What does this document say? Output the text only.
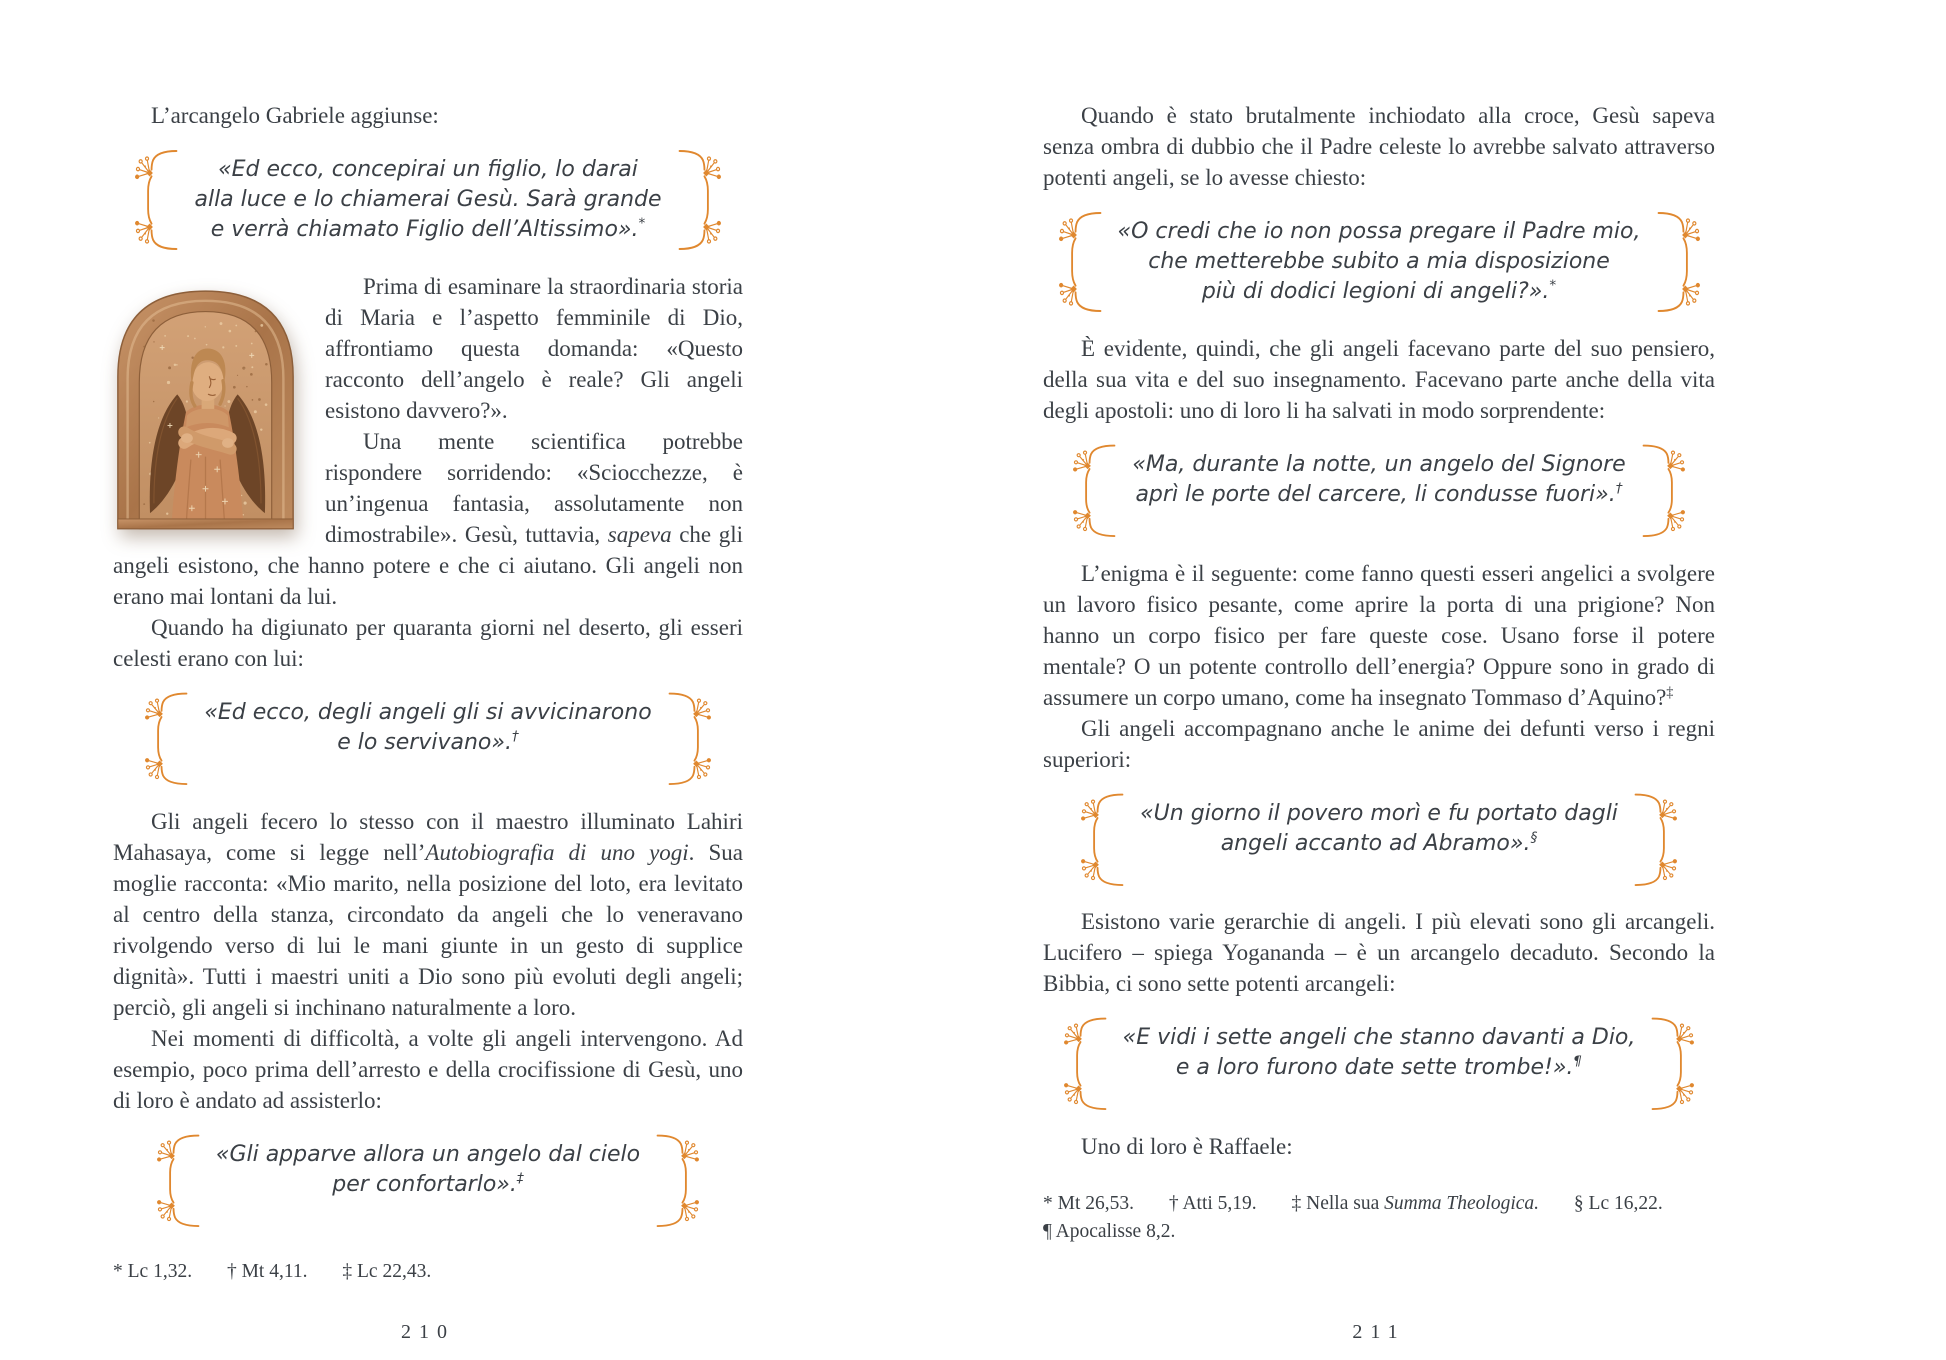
L’arcangelo Gabriele aggiunse:

«Ed ecco, concepirai un figlio, lo darai
alla luce e lo chiamerai Gesù. Sarà grande
e verrà chiamato Figlio dell’Altissimo».*

Prima di esaminare la straordinaria storia di Maria e l’aspetto femminile di Dio, affrontiamo questa domanda: «Questo racconto dell’angelo è reale? Gli angeli esistono davvero?».

Una mente scientifica potrebbe rispondere sorridendo: «Sciocchezze, è un’ingenua fantasia, assolutamente non dimostrabile». Gesù, tuttavia, sapeva che gli angeli esistono, che hanno potere e che ci aiutano. Gli angeli non erano mai lontani da lui.

Quando ha digiunato per quaranta giorni nel deserto, gli esseri celesti erano con lui:

«Ed ecco, degli angeli gli si avvicinarono
e lo servivano».†

Gli angeli fecero lo stesso con il maestro illuminato Lahiri Mahasaya, come si legge nell’Autobiografia di uno yogi. Sua moglie racconta: «Mio marito, nella posizione del loto, era levitato al centro della stanza, circondato da angeli che lo veneravano rivolgendo verso di lui le mani giunte in un gesto di supplice dignità». Tutti i maestri uniti a Dio sono più evoluti degli angeli; perciò, gli angeli si inchinano naturalmente a loro.

Nei momenti di difficoltà, a volte gli angeli intervengono. Ad esempio, poco prima dell’arresto e della crocifissione di Gesù, uno di loro è andato ad assisterlo:

«Gli apparve allora un angelo dal cielo
per confortarlo».‡
* Lc 1,32. † Mt 4,11. ‡ Lc 22,43.
210

Quando è stato brutalmente inchiodato alla croce, Gesù sapeva senza ombra di dubbio che il Padre celeste lo avrebbe salvato attraverso potenti angeli, se lo avesse chiesto:

«O credi che io non possa pregare il Padre mio,
che metterebbe subito a mia disposizione
più di dodici legioni di angeli?».*

È evidente, quindi, che gli angeli facevano parte del suo pensiero, della sua vita e del suo insegnamento. Facevano parte anche della vita degli apostoli: uno di loro li ha salvati in modo sorprendente:

«Ma, durante la notte, un angelo del Signore
aprì le porte del carcere, li condusse fuori».†

L’enigma è il seguente: come fanno questi esseri angelici a svolgere un lavoro fisico pesante, come aprire la porta di una prigione? Non hanno un corpo fisico per fare queste cose. Usano forse il potere mentale? O un potente controllo dell’energia? Oppure sono in grado di assumere un corpo umano, come ha insegnato Tommaso d’Aquino?‡

Gli angeli accompagnano anche le anime dei defunti verso i regni superiori:

«Un giorno il povero morì e fu portato dagli
angeli accanto ad Abramo».§

Esistono varie gerarchie di angeli. I più elevati sono gli arcangeli. Lucifero – spiega Yogananda – è un arcangelo decaduto. Secondo la Bibbia, ci sono sette potenti arcangeli:

«E vidi i sette angeli che stanno davanti a Dio,
e a loro furono date sette trombe!».¶

Uno di loro è Raffaele:

* Mt 26,53. † Atti 5,19. ‡ Nella sua Summa Theologica. § Lc 16,22.
¶ Apocalisse 8,2.
211
